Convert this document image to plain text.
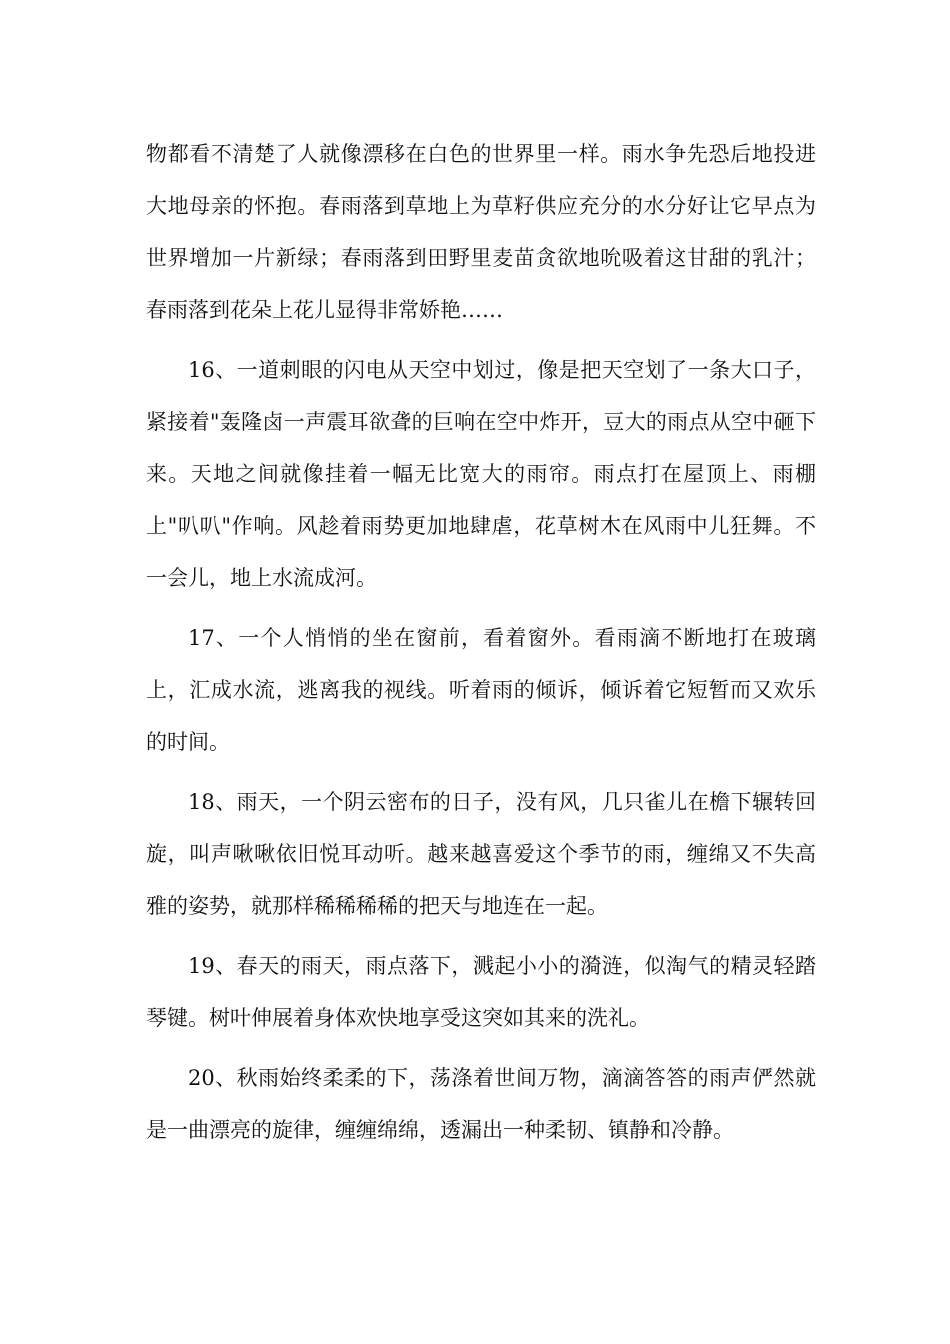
物都看不清楚了人就像漂移在白色的世界里一样。雨水争先恐后地投进大地母亲的怀抱。春雨落到草地上为草籽供应充分的水分好让它早点为世界增加一片新绿；春雨落到田野里麦苗贪欲地吮吸着这甘甜的乳汁；春雨落到花朵上花儿显得非常娇艳……

16、一道刺眼的闪电从天空中划过，像是把天空划了一条大口子，紧接着"轰隆卤一声震耳欲聋的巨响在空中炸开，豆大的雨点从空中砸下来。天地之间就像挂着一幅无比宽大的雨帘。雨点打在屋顶上、雨棚上"叭叭"作响。风趁着雨势更加地肆虐，花草树木在风雨中儿狂舞。不一会儿，地上水流成河。

17、一个人悄悄的坐在窗前，看着窗外。看雨滴不断地打在玻璃上，汇成水流，逃离我的视线。听着雨的倾诉，倾诉着它短暂而又欢乐的时间。

18、雨天，一个阴云密布的日子，没有风，几只雀儿在檐下辗转回旋，叫声啾啾依旧悦耳动听。越来越喜爱这个季节的雨，缠绵又不失高雅的姿势，就那样稀稀稀稀的把天与地连在一起。

19、春天的雨天，雨点落下，溅起小小的漪涟，似淘气的精灵轻踏琴键。树叶伸展着身体欢快地享受这突如其来的洗礼。

20、秋雨始终柔柔的下，荡涤着世间万物，滴滴答答的雨声俨然就是一曲漂亮的旋律，缠缠绵绵，透漏出一种柔韧、镇静和冷静。
